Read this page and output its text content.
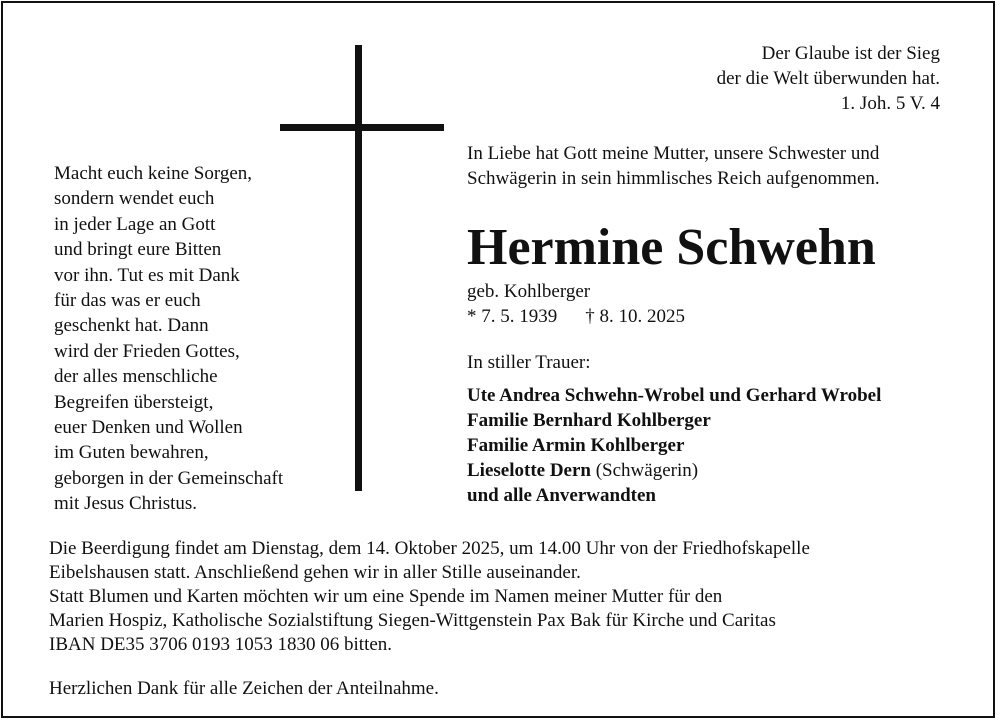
Der Glaube ist der Sieg
der die Welt überwunden hat.
1. Joh. 5 V. 4
Macht euch keine Sorgen,
sondern wendet euch
in jeder Lage an Gott
und bringt eure Bitten
vor ihn. Tut es mit Dank
für das was er euch
geschenkt hat. Dann
wird der Frieden Gottes,
der alles menschliche
Begreifen übersteigt,
euer Denken und Wollen
im Guten bewahren,
geborgen in der Gemeinschaft
mit Jesus Christus.
In Liebe hat Gott meine Mutter, unsere Schwester und
Schwägerin in sein himmlisches Reich aufgenommen.
Hermine Schwehn
geb. Kohlberger
* 7. 5. 1939 † 8. 10. 2025
In stiller Trauer:
Ute Andrea Schwehn-Wrobel und Gerhard Wrobel
Familie Bernhard Kohlberger
Familie Armin Kohlberger
Lieselotte Dern (Schwägerin)
und alle Anverwandten
Die Beerdigung findet am Dienstag, dem 14. Oktober 2025, um 14.00 Uhr von der Friedhofskapelle
Eibelshausen statt. Anschließend gehen wir in aller Stille auseinander.
Statt Blumen und Karten möchten wir um eine Spende im Namen meiner Mutter für den
Marien Hospiz, Katholische Sozialstiftung Siegen-Wittgenstein Pax Bak für Kirche und Caritas
IBAN DE35 3706 0193 1053 1830 06 bitten.
Herzlichen Dank für alle Zeichen der Anteilnahme.
